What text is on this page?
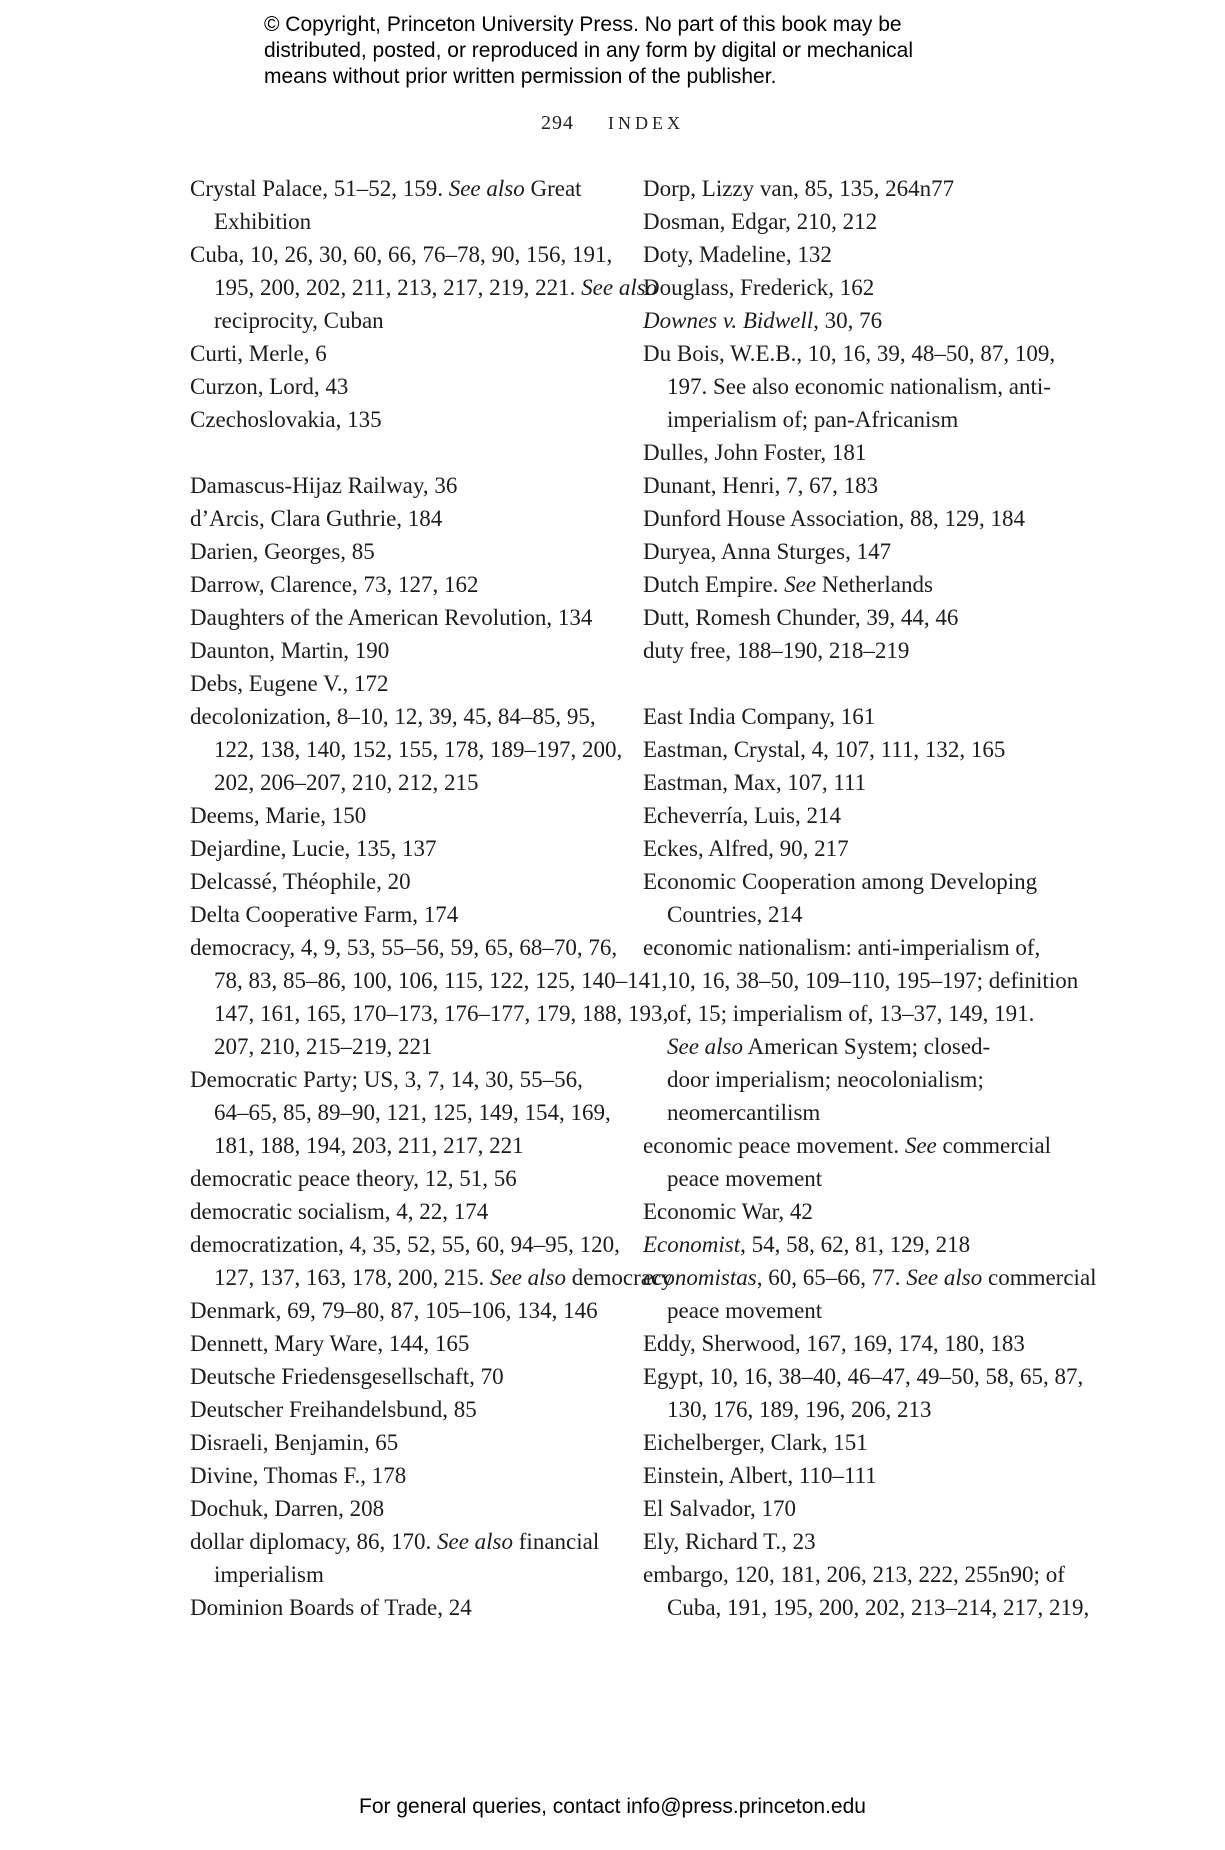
© Copyright, Princeton University Press. No part of this book may be
distributed, posted, or reproduced in any form by digital or mechanical
means without prior written permission of the publisher.
294 INDEX
Crystal Palace, 51–52, 159. See also Great
Exhibition
Cuba, 10, 26, 30, 60, 66, 76–78, 90, 156, 191,
195, 200, 202, 211, 213, 217, 219, 221. See also
reciprocity, Cuban
Curti, Merle, 6
Curzon, Lord, 43
Czechoslovakia, 135
Damascus-Hijaz Railway, 36
d’Arcis, Clara Guthrie, 184
Darien, Georges, 85
Darrow, Clarence, 73, 127, 162
Daughters of the American Revolution, 134
Daunton, Martin, 190
Debs, Eugene V., 172
decolonization, 8–10, 12, 39, 45, 84–85, 95,
122, 138, 140, 152, 155, 178, 189–197, 200,
202, 206–207, 210, 212, 215
Deems, Marie, 150
Dejardine, Lucie, 135, 137
Delcassé, Théophile, 20
Delta Cooperative Farm, 174
democracy, 4, 9, 53, 55–56, 59, 65, 68–70, 76,
78, 83, 85–86, 100, 106, 115, 122, 125, 140–141,
147, 161, 165, 170–173, 176–177, 179, 188, 193,
207, 210, 215–219, 221
Democratic Party; US, 3, 7, 14, 30, 55–56,
64–65, 85, 89–90, 121, 125, 149, 154, 169,
181, 188, 194, 203, 211, 217, 221
democratic peace theory, 12, 51, 56
democratic socialism, 4, 22, 174
democratization, 4, 35, 52, 55, 60, 94–95, 120,
127, 137, 163, 178, 200, 215. See also democracy
Denmark, 69, 79–80, 87, 105–106, 134, 146
Dennett, Mary Ware, 144, 165
Deutsche Friedensgesellschaft, 70
Deutscher Freihandelsbund, 85
Disraeli, Benjamin, 65
Divine, Thomas F., 178
Dochuk, Darren, 208
dollar diplomacy, 86, 170. See also financial
imperialism
Dominion Boards of Trade, 24
Dorp, Lizzy van, 85, 135, 264n77
Dosman, Edgar, 210, 212
Doty, Madeline, 132
Douglass, Frederick, 162
Downes v. Bidwell, 30, 76
Du Bois, W.E.B., 10, 16, 39, 48–50, 87, 109,
197. See also economic nationalism, anti-
imperialism of; pan-Africanism
Dulles, John Foster, 181
Dunant, Henri, 7, 67, 183
Dunford House Association, 88, 129, 184
Duryea, Anna Sturges, 147
Dutch Empire. See Netherlands
Dutt, Romesh Chunder, 39, 44, 46
duty free, 188–190, 218–219
East India Company, 161
Eastman, Crystal, 4, 107, 111, 132, 165
Eastman, Max, 107, 111
Echeverría, Luis, 214
Eckes, Alfred, 90, 217
Economic Cooperation among Developing
Countries, 214
economic nationalism: anti-imperialism of,
10, 16, 38–50, 109–110, 195–197; definition
of, 15; imperialism of, 13–37, 149, 191.
See also American System; closed-
door imperialism; neocolonialism;
neomercantilism
economic peace movement. See commercial
peace movement
Economic War, 42
Economist, 54, 58, 62, 81, 129, 218
economistas, 60, 65–66, 77. See also commercial
peace movement
Eddy, Sherwood, 167, 169, 174, 180, 183
Egypt, 10, 16, 38–40, 46–47, 49–50, 58, 65, 87,
130, 176, 189, 196, 206, 213
Eichelberger, Clark, 151
Einstein, Albert, 110–111
El Salvador, 170
Ely, Richard T., 23
embargo, 120, 181, 206, 213, 222, 255n90; of
Cuba, 191, 195, 200, 202, 213–214, 217, 219,
For general queries, contact info@press.princeton.edu
